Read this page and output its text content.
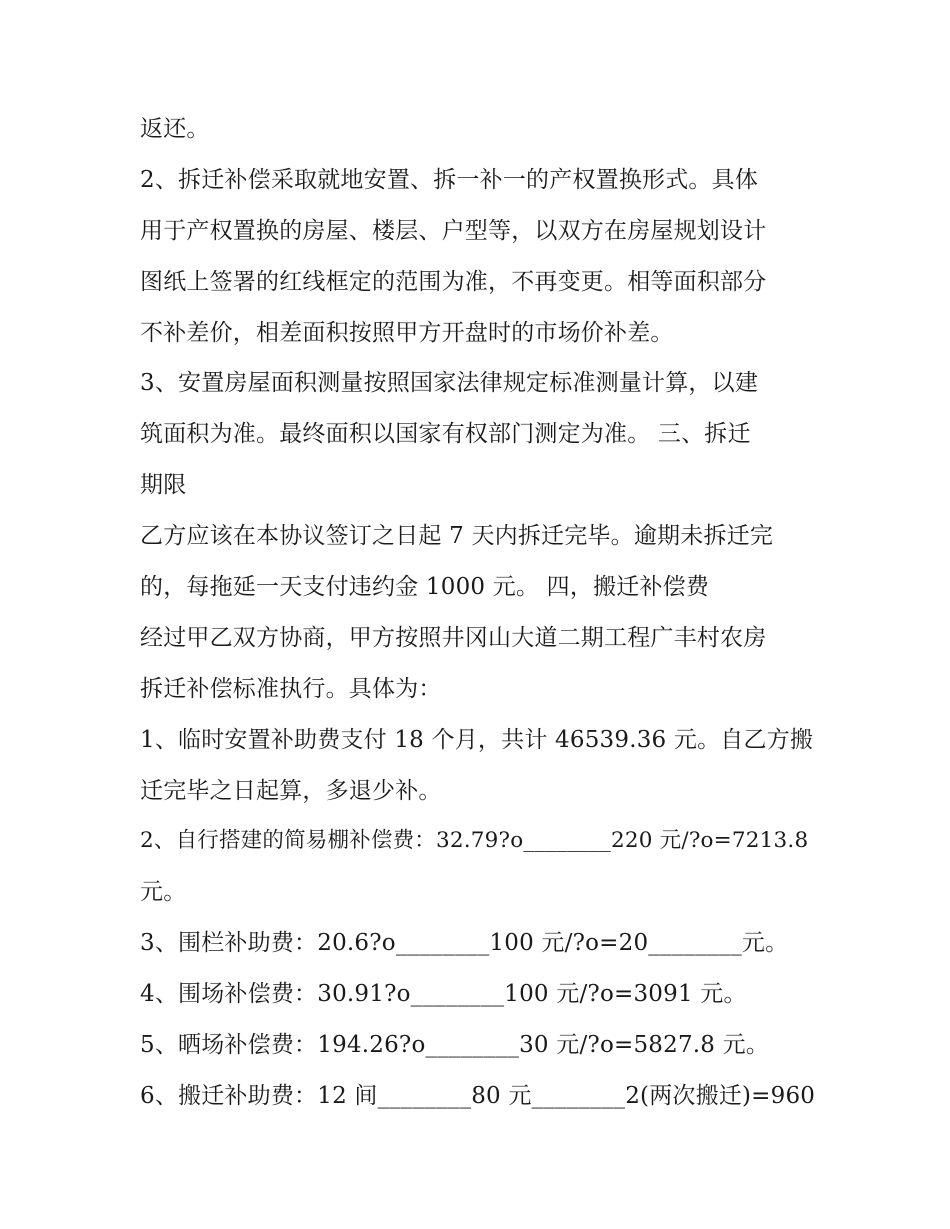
返还。
2、拆迁补偿采取就地安置、拆一补一的产权置换形式。具体
用于产权置换的房屋、楼层、户型等，以双方在房屋规划设计
图纸上签署的红线框定的范围为准，不再变更。相等面积部分
不补差价，相差面积按照甲方开盘时的市场价补差。
3、安置房屋面积测量按照国家法律规定标准测量计算，以建
筑面积为准。最终面积以国家有权部门测定为准。 三、拆迁
期限
乙方应该在本协议签订之日起 7 天内拆迁完毕。逾期未拆迁完
的，每拖延一天支付违约金 1000 元。 四，搬迁补偿费
经过甲乙双方协商，甲方按照井冈山大道二期工程广丰村农房
拆迁补偿标准执行。具体为：
1、临时安置补助费支付 18 个月，共计 46539.36 元。自乙方搬
迁完毕之日起算，多退少补。
2、自行搭建的简易棚补偿费：32.79?o________220 元/?o=7213.8
元。
3、围栏补助费：20.6?o________100 元/?o=20________元。
4、围场补偿费：30.91?o________100 元/?o=3091 元。
5、晒场补偿费：194.26?o________30 元/?o=5827.8 元。
6、搬迁补助费：12 间________80 元________2(两次搬迁)=960
